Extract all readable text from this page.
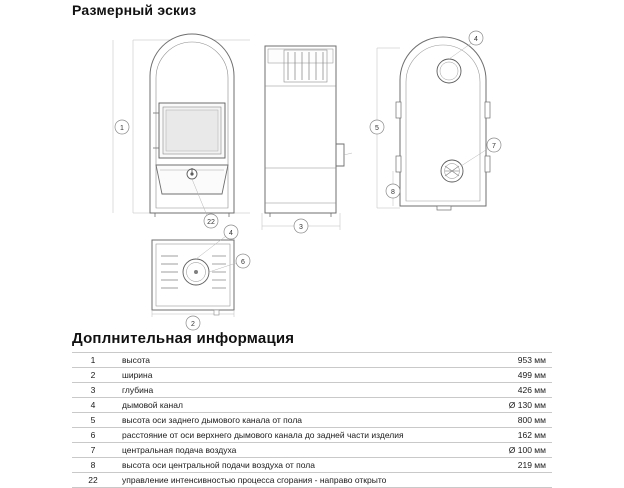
Размерный эскиз
Доплнительная информация
1
2
3
4
5
6
7
8
4
22
1	высота	953 мм
2	ширина	499 мм
3	глубина	426 мм
4	дымовой канал	Ø 130 мм
5	высота оси заднего дымового канала от пола	800 мм
6	расстояние от оси верхнего дымового канала до задней части изделия	162 мм
7	центральная подача воздуха	Ø 100 мм
8	высота оси центральной подачи воздуха от пола	219 мм
22	управление интенсивностью процесса сгорания - направо открыто	
